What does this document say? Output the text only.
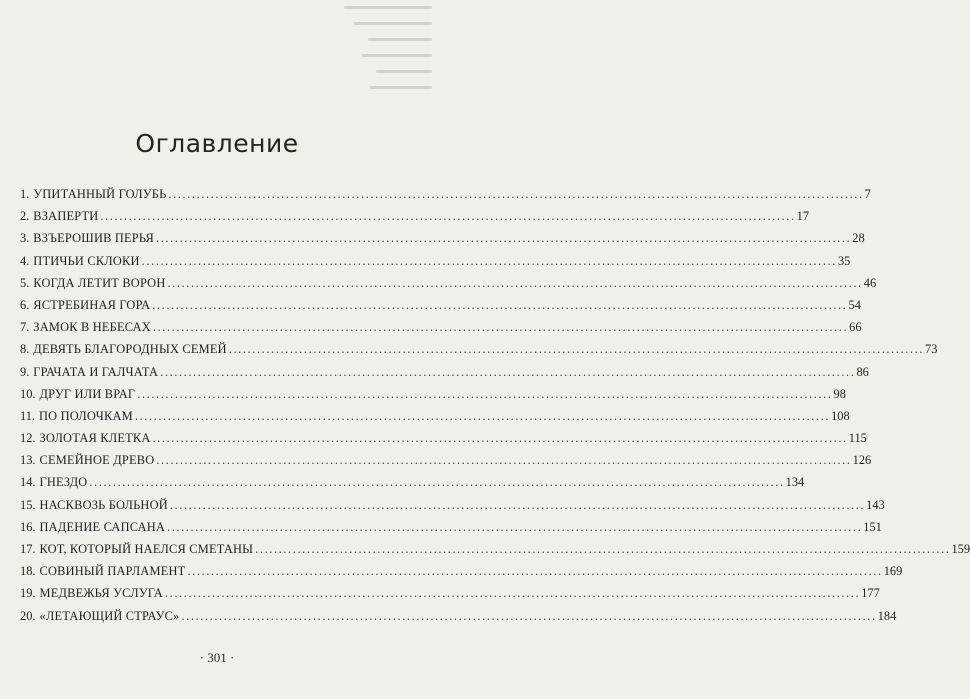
Оглавление
1. УПИТАННЫЙ ГОЛУБЬ .................................................................................................................................................... 7
2. ВЗАПЕРТИ .................................................................................................................................................... 17
3. ВЗЪЕРОШИВ ПЕРЬЯ .................................................................................................................................................... 28
4. ПТИЧЬИ СКЛОКИ .................................................................................................................................................... 35
5. КОГДА ЛЕТИТ ВОРОН .................................................................................................................................................... 46
6. ЯСТРЕБИНАЯ ГОРА .................................................................................................................................................... 54
7. ЗАМОК В НЕБЕСАХ .................................................................................................................................................... 66
8. ДЕВЯТЬ БЛАГОРОДНЫХ СЕМЕЙ .................................................................................................................................................... 73
9. ГРАЧАТА И ГАЛЧАТА .................................................................................................................................................... 86
10. ДРУГ ИЛИ ВРАГ .................................................................................................................................................... 98
11. ПО ПОЛОЧКАМ .................................................................................................................................................... 108
12. ЗОЛОТАЯ КЛЕТКА .................................................................................................................................................... 115
13. СЕМЕЙНОЕ ДРЕВО .................................................................................................................................................... 126
14. ГНЕЗДО .................................................................................................................................................... 134
15. НАСКВОЗЬ БОЛЬНОЙ .................................................................................................................................................... 143
16. ПАДЕНИЕ САПСАНА .................................................................................................................................................... 151
17. КОТ, КОТОРЫЙ НАЕЛСЯ СМЕТАНЫ .................................................................................................................................................... 159
18. СОВИНЫЙ ПАРЛАМЕНТ .................................................................................................................................................... 169
19. МЕДВЕЖЬЯ УСЛУГА .................................................................................................................................................... 177
20. «ЛЕТАЮЩИЙ СТРАУС» .................................................................................................................................................... 184
· 301 ·
